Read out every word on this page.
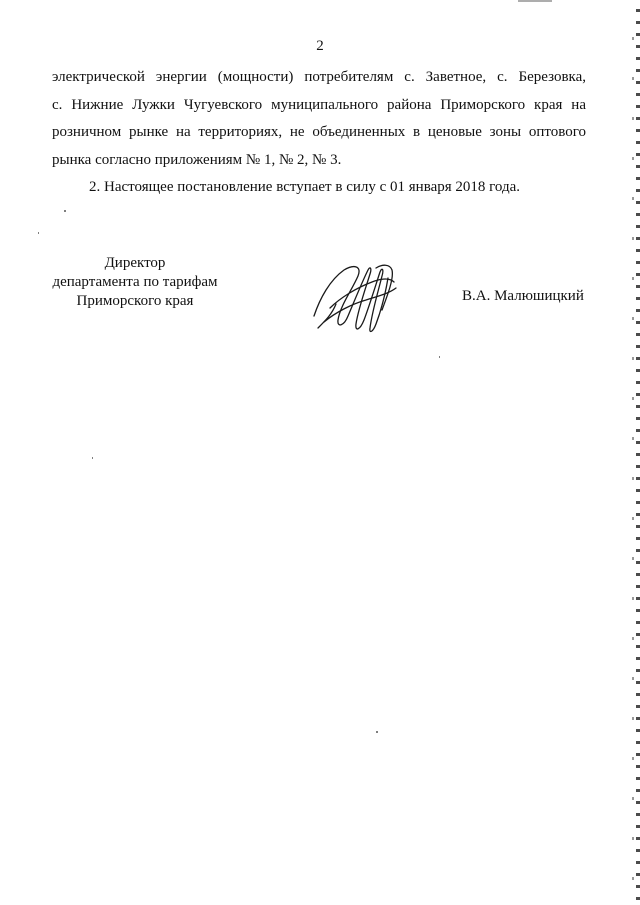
2

электрической энергии (мощности) потребителям с. Заветное, с. Березовка,
с. Нижние Лужки Чугуевского муниципального района Приморского края на
розничном рынке на территориях, не объединенных в ценовые зоны оптового
рынка согласно приложениям № 1, № 2, № 3.

2. Настоящее постановление вступает в силу с 01 января 2018 года.

Директор
департамента по тарифам
Приморского края	В.А. Малюшицкий
